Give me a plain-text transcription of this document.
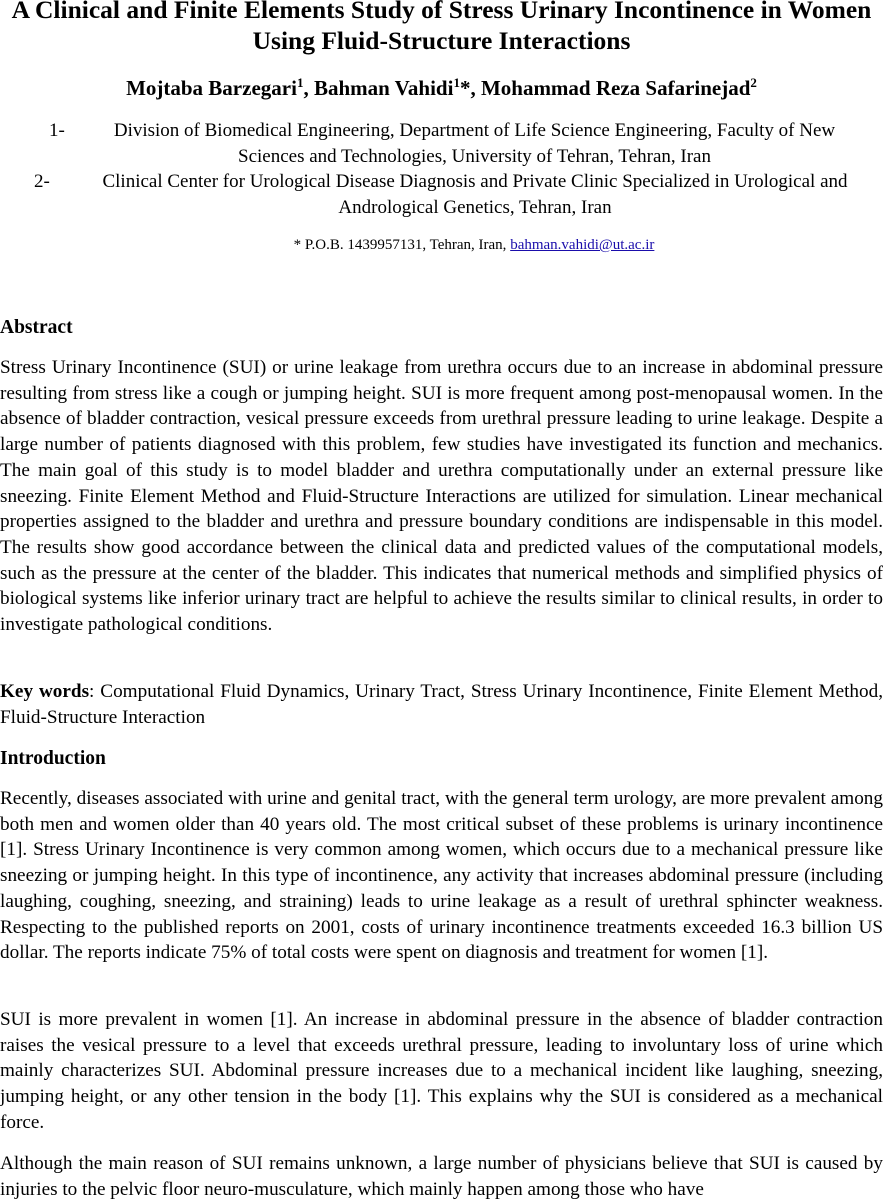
A Clinical and Finite Elements Study of Stress Urinary Incontinence in Women Using Fluid-Structure Interactions
Mojtaba Barzegari$^1$, Bahman Vahidi$^1$*, Mohammad Reza Safarinejad$^2$
1-	Division of Biomedical Engineering, Department of Life Science Engineering, Faculty of New Sciences and Technologies, University of Tehran, Tehran, Iran
2-	Clinical Center for Urological Disease Diagnosis and Private Clinic Specialized in Urological and Andrological Genetics, Tehran, Iran
* P.O.B. 1439957131, Tehran, Iran, bahman.vahidi@ut.ac.ir
Abstract

Stress Urinary Incontinence (SUI) or urine leakage from urethra occurs due to an increase in abdominal pressure resulting from stress like a cough or jumping height. SUI is more frequent among post-menopausal women. In the absence of bladder contraction, vesical pressure exceeds from urethral pressure leading to urine leakage. Despite a large number of patients diagnosed with this problem, few studies have investigated its function and mechanics. The main goal of this study is to model bladder and urethra computationally under an external pressure like sneezing. Finite Element Method and Fluid-Structure Interactions are utilized for simulation. Linear mechanical properties assigned to the bladder and urethra and pressure boundary conditions are indispensable in this model. The results show good accordance between the clinical data and predicted values of the computational models, such as the pressure at the center of the bladder. This indicates that numerical methods and simplified physics of biological systems like inferior urinary tract are helpful to achieve the results similar to clinical results, in order to investigate pathological conditions.

Key words: Computational Fluid Dynamics, Urinary Tract, Stress Urinary Incontinence, Finite Element Method, Fluid-Structure Interaction

Introduction

Recently, diseases associated with urine and genital tract, with the general term urology, are more prevalent among both men and women older than 40 years old. The most critical subset of these problems is urinary incontinence [1]. Stress Urinary Incontinence is very common among women, which occurs due to a mechanical pressure like sneezing or jumping height. In this type of incontinence, any activity that increases abdominal pressure (including laughing, coughing, sneezing, and straining) leads to urine leakage as a result of urethral sphincter weakness. Respecting to the published reports on 2001, costs of urinary incontinence treatments exceeded 16.3 billion US dollar. The reports indicate 75% of total costs were spent on diagnosis and treatment for women [1].

SUI is more prevalent in women [1]. An increase in abdominal pressure in the absence of bladder contraction raises the vesical pressure to a level that exceeds urethral pressure, leading to involuntary loss of urine which mainly characterizes SUI. Abdominal pressure increases due to a mechanical incident like laughing, sneezing, jumping height, or any other tension in the body [1]. This explains why the SUI is considered as a mechanical force.

Although the main reason of SUI remains unknown, a large number of physicians believe that SUI is caused by injuries to the pelvic floor neuro-musculature, which mainly happen among those who have
